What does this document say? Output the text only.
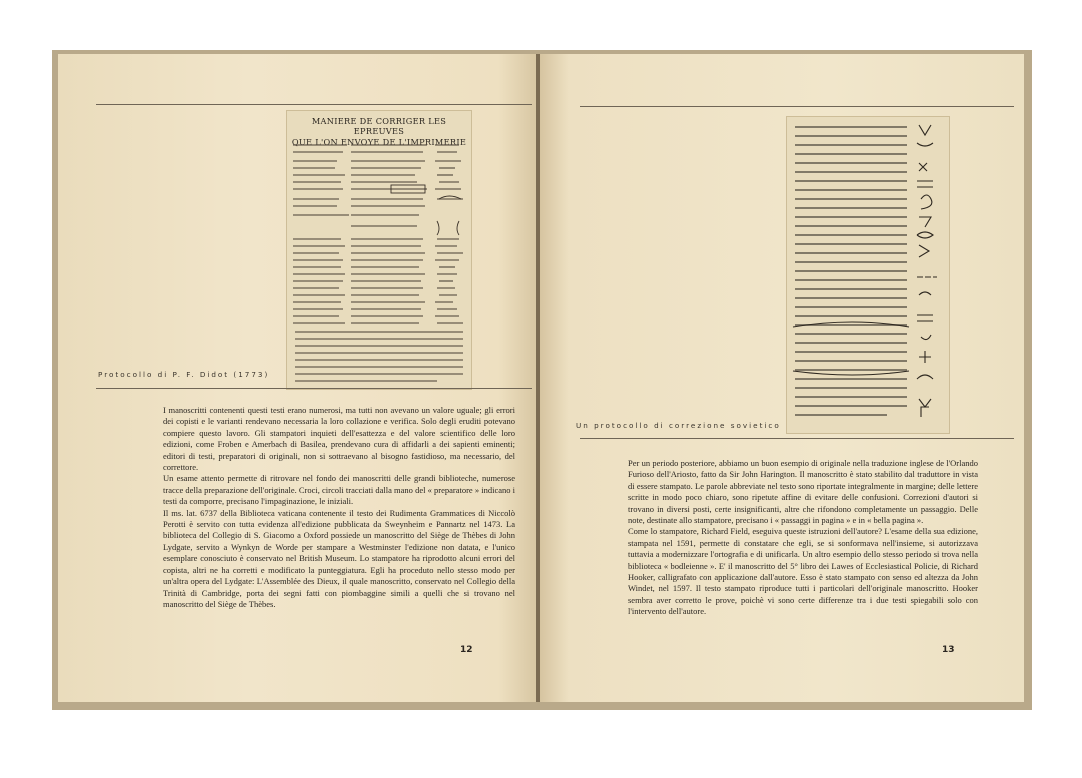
MANIERE DE CORRIGER LES EPREUVES
QUE L'ON ENVOYE DE L'IMPRIMERIE
Protocollo di P. F. Didot (1773)

I manoscritti contenenti questi testi erano numerosi, ma tutti non avevano un valore uguale; gli errori dei copisti e le varianti rendevano necessaria la loro collazione e verifica. Solo degli eruditi potevano compiere questo lavoro. Gli stampatori inquieti dell'esattezza e del valore scientifico delle loro edizioni, come Froben e Amerbach di Basilea, prendevano cura di affidarli a dei sapienti eminenti; editori di testi, preparatori di originali, non si sottraevano al bisogno fastidioso, ma necessario, del correttore.

Un esame attento permette di ritrovare nel fondo dei manoscritti delle grandi biblioteche, numerose tracce della preparazione dell'originale. Croci, circoli tracciati dalla mano del « preparatore » indicano i testi da comporre, precisano l'impaginazione, le iniziali.

Il ms. lat. 6737 della Biblioteca vaticana contenente il testo dei Rudimenta Grammatices di Niccolò Perotti è servito con tutta evidenza all'edizione pubblicata da Sweynheim e Pannartz nel 1473. La biblioteca del Collegio di S. Giacomo a Oxford possiede un manoscritto del Siège de Thèbes di John Lydgate, servito a Wynkyn de Worde per stampare a Westminster l'edizione non datata, e l'unico esemplare conosciuto è conservato nel British Museum. Lo stampatore ha riprodotto alcuni errori del copista, altri ne ha corretti e modificato la punteggiatura. Egli ha proceduto nello stesso modo per un'altra opera del Lydgate: L'Assemblée des Dieux, il quale manoscritto, conservato nel Collegio della Trinità di Cambridge, porta dei segni fatti con piombaggine simili a quelli che si trovano nel manoscritto del Siège de Thèbes.

12
Un protocollo di correzione sovietico

Per un periodo posteriore, abbiamo un buon esempio di originale nella traduzione inglese de l'Orlando Furioso dell'Ariosto, fatto da Sir John Harington. Il manoscritto è stato stabilito dal traduttore in vista di essere stampato. Le parole abbreviate nel testo sono riportate integralmente in margine; delle lettere scritte in modo poco chiaro, sono ripetute affine di evitare delle confusioni. Correzioni d'autori si trovano in diversi posti, certe insignificanti, altre che rifondono completamente un passaggio. Delle note, destinate allo stampatore, precisano i « passaggi in pagina » e in « bella pagina ».

Come lo stampatore, Richard Field, eseguiva queste istruzioni dell'autore? L'esame della sua edizione, stampata nel 1591, permette di constatare che egli, se si sonformava nell'insieme, si autorizzava tuttavia a modernizzare l'ortografia e di unificarla. Un altro esempio dello stesso periodo si trova nella biblioteca « bodleienne ». E' il manoscritto del 5° libro dei Lawes of Ecclesiastical Policie, di Richard Hooker, calligrafato con applicazione dall'autore. Esso è stato stampato con senso ed altezza da John Windet, nel 1597. Il testo stampato riproduce tutti i particolari dell'originale manoscritto. Hooker sembra aver corretto le prove, poichè vi sono certe differenze tra i due testi spiegabili solo con l'intervento dell'autore.

13
